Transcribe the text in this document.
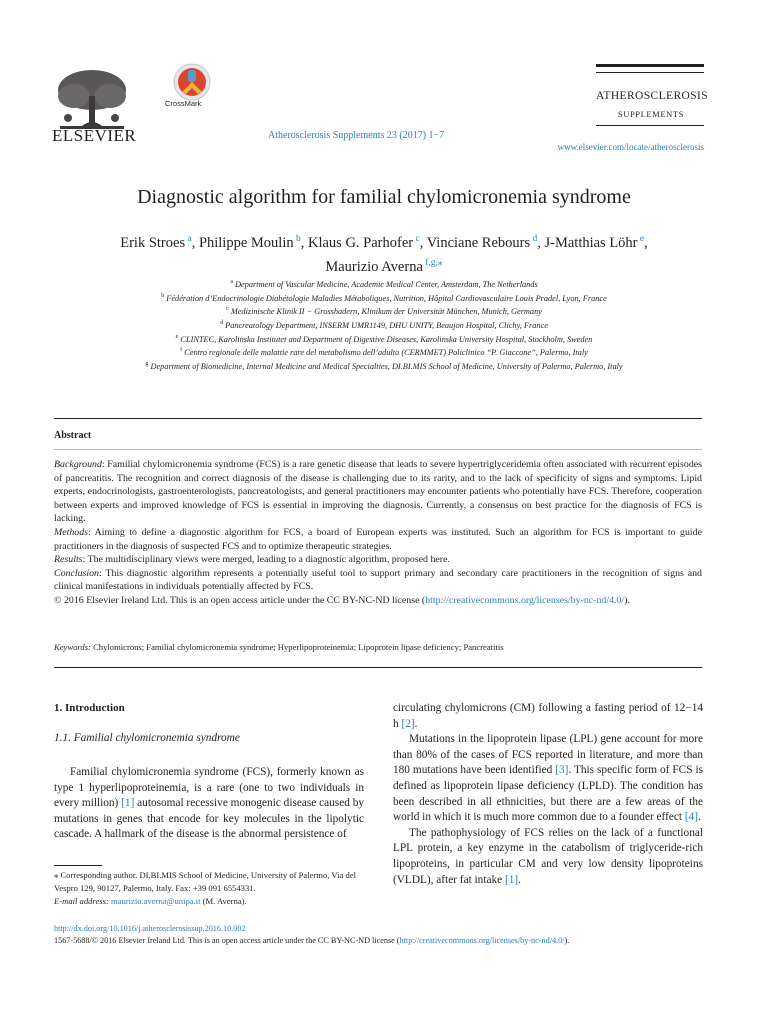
ELSEVIER
CrossMark
Atherosclerosis Supplements 23 (2017) 1−7
ATHEROSCLEROSIS
SUPPLEMENTS
www.elsevier.com/locate/atherosclerosis
Diagnostic algorithm for familial chylomicronemia syndrome
Erik Stroes $^a$, Philippe Moulin $^b$, Klaus G. Parhofer $^c$, Vinciane Rebours $^d$, J-Matthias Löhr $^e$,
Maurizio Averna $^{f,g,⁎}$
$^a$ Department of Vascular Medicine, Academic Medical Center, Amsterdam, The Netherlands
$^b$ Fédération d’Endocrinologie Diabétologie Maladies Métaboliques, Nutrition, Hôpital Cardiovasculaire Louis Pradel, Lyon, France
$^c$ Medizinische Klinik II − Grosshadern, Klinikum der Universität München, Munich, Germany
$^d$ Pancreatology Department, INSERM UMR1149, DHU UNITY, Beaujon Hospital, Clichy, France
$^e$ CLINTEC, Karolinska Institutet and Department of Digestive Diseases, Karolinska University Hospital, Stockholm, Sweden
$^f$ Centro regionale delle malattie rare del metabolismo dell’adulto (CERMMET) Policlinico “P. Giaccone”, Palermo, Italy
$^g$ Department of Biomedicine, Internal Medicine and Medical Specialties, DI.BI.MIS School of Medicine, University of Palermo, Palermo, Italy
Abstract

Background: Familial chylomicronemia syndrome (FCS) is a rare genetic disease that leads to severe hypertriglyceridemia often associated with recurrent episodes of pancreatitis. The recognition and correct diagnosis of the disease is challenging due to its rarity, and to the lack of specificity of signs and symptoms. Lipid experts, endocrinologists, gastroenterologists, pancreatologists, and general practitioners may encounter patients who potentially have FCS. Therefore, cooperation between experts and improved knowledge of FCS is essential in improving the diagnosis. Currently, a consensus on best practice for the diagnosis of FCS is lacking.

Methods: Aiming to define a diagnostic algorithm for FCS, a board of European experts was instituted. Such an algorithm for FCS is important to guide practitioners in the diagnosis of suspected FCS and to optimize therapeutic strategies.

Results: The multidisciplinary views were merged, leading to a diagnostic algorithm, proposed here.

Conclusion: This diagnostic algorithm represents a potentially useful tool to support primary and secondary care practitioners in the recognition of signs and clinical manifestations in individuals potentially affected by FCS.

© 2016 Elsevier Ireland Ltd. This is an open access article under the CC BY-NC-ND license (http://creativecommons.org/licenses/by-nc-nd/4.0/).

Keywords: Chylomicrons; Familial chylomicronemia syndrome; Hyperlipoproteinemia; Lipoprotein lipase deficiency; Pancreatitis
1. Introduction
1.1. Familial chylomicronemia syndrome

Familial chylomicronemia syndrome (FCS), formerly known as type 1 hyperlipoproteinemia, is a rare (one to two individuals in every million) [1] autosomal recessive monogenic disease caused by mutations in genes that encode for key molecules in the lipolytic cascade. A hallmark of the disease is the abnormal persistence of

circulating chylomicrons (CM) following a fasting period of 12−14 h [2].

Mutations in the lipoprotein lipase (LPL) gene account for more than 80% of the cases of FCS reported in literature, and more than 180 mutations have been identified [3]. This specific form of FCS is defined as lipoprotein lipase deficiency (LPLD). The condition has been described in all ethnicities, but there are a few areas of the world in which it is much more common due to a founder effect [4].

The pathophysiology of FCS relies on the lack of a functional LPL protein, a key enzyme in the catabolism of triglyceride-rich lipoproteins, in particular CM and very low density lipoproteins (VLDL), after fat intake [1].

⁎ Corresponding author. DI.BI.MIS School of Medicine, University of Palermo, Via del Vespro 129, 90127, Palermo, Italy. Fax: +39 091 6554331.
E-mail address: maurizio.averna@unipa.it (M. Averna).
http://dx.doi.org/10.1016/j.atherosclerosissup.2016.10.002
1567-5688/© 2016 Elsevier Ireland Ltd. This is an open access article under the CC BY-NC-ND license (http://creativecommons.org/licenses/by-nc-nd/4.0/).
